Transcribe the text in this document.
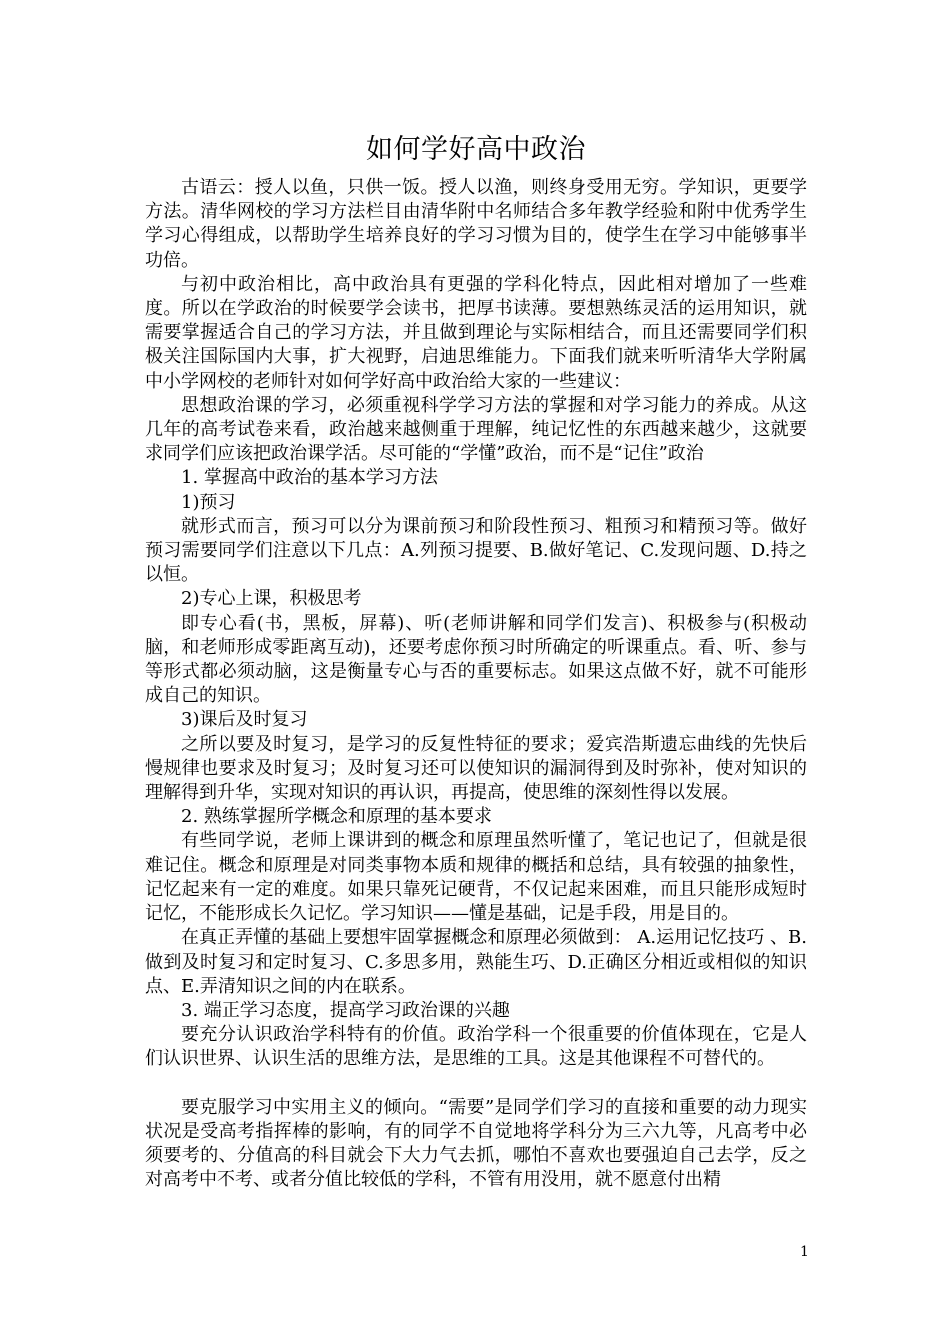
如何学好高中政治

古语云：授人以鱼，只供一饭。授人以渔，则终身受用无穷。学知识，更要学方法。清华网校的学习方法栏目由清华附中名师结合多年教学经验和附中优秀学生学习心得组成，以帮助学生培养良好的学习习惯为目的，使学生在学习中能够事半功倍。

与初中政治相比，高中政治具有更强的学科化特点，因此相对增加了一些难度。所以在学政治的时候要学会读书，把厚书读薄。要想熟练灵活的运用知识，就需要掌握适合自己的学习方法，并且做到理论与实际相结合，而且还需要同学们积极关注国际国内大事，扩大视野，启迪思维能力。下面我们就来听听清华大学附属中小学网校的老师针对如何学好高中政治给大家的一些建议：

思想政治课的学习，必须重视科学学习方法的掌握和对学习能力的养成。从这几年的高考试卷来看，政治越来越侧重于理解，纯记忆性的东西越来越少，这就要求同学们应该把政治课学活。尽可能的“学懂”政治，而不是“记住”政治

1. 掌握高中政治的基本学习方法

1)预习

就形式而言，预习可以分为课前预习和阶段性预习、粗预习和精预习等。做好预习需要同学们注意以下几点：A.列预习提要、B.做好笔记、C.发现问题、D.持之以恒。

2)专心上课，积极思考

即专心看(书，黑板，屏幕)、听(老师讲解和同学们发言)、积极参与(积极动脑，和老师形成零距离互动)，还要考虑你预习时所确定的听课重点。看、听、参与等形式都必须动脑，这是衡量专心与否的重要标志。如果这点做不好，就不可能形成自己的知识。

3)课后及时复习

之所以要及时复习，是学习的反复性特征的要求；爱宾浩斯遗忘曲线的先快后慢规律也要求及时复习；及时复习还可以使知识的漏洞得到及时弥补，使对知识的理解得到升华，实现对知识的再认识，再提高，使思维的深刻性得以发展。

2. 熟练掌握所学概念和原理的基本要求

有些同学说，老师上课讲到的概念和原理虽然听懂了，笔记也记了，但就是很难记住。概念和原理是对同类事物本质和规律的概括和总结，具有较强的抽象性，记忆起来有一定的难度。如果只靠死记硬背，不仅记起来困难，而且只能形成短时记忆，不能形成长久记忆。学习知识——懂是基础，记是手段，用是目的。

在真正弄懂的基础上要想牢固掌握概念和原理必须做到： A.运用记忆技巧 、B.做到及时复习和定时复习、C.多思多用，熟能生巧、D.正确区分相近或相似的知识点、E.弄清知识之间的内在联系。

3. 端正学习态度，提高学习政治课的兴趣

要充分认识政治学科特有的价值。政治学科一个很重要的价值体现在，它是人们认识世界、认识生活的思维方法，是思维的工具。这是其他课程不可替代的。

要克服学习中实用主义的倾向。“需要”是同学们学习的直接和重要的动力现实状况是受高考指挥棒的影响，有的同学不自觉地将学科分为三六九等，凡高考中必须要考的、分值高的科目就会下大力气去抓，哪怕不喜欢也要强迫自己去学，反之对高考中不考、或者分值比较低的学科，不管有用没用，就不愿意付出精

1
